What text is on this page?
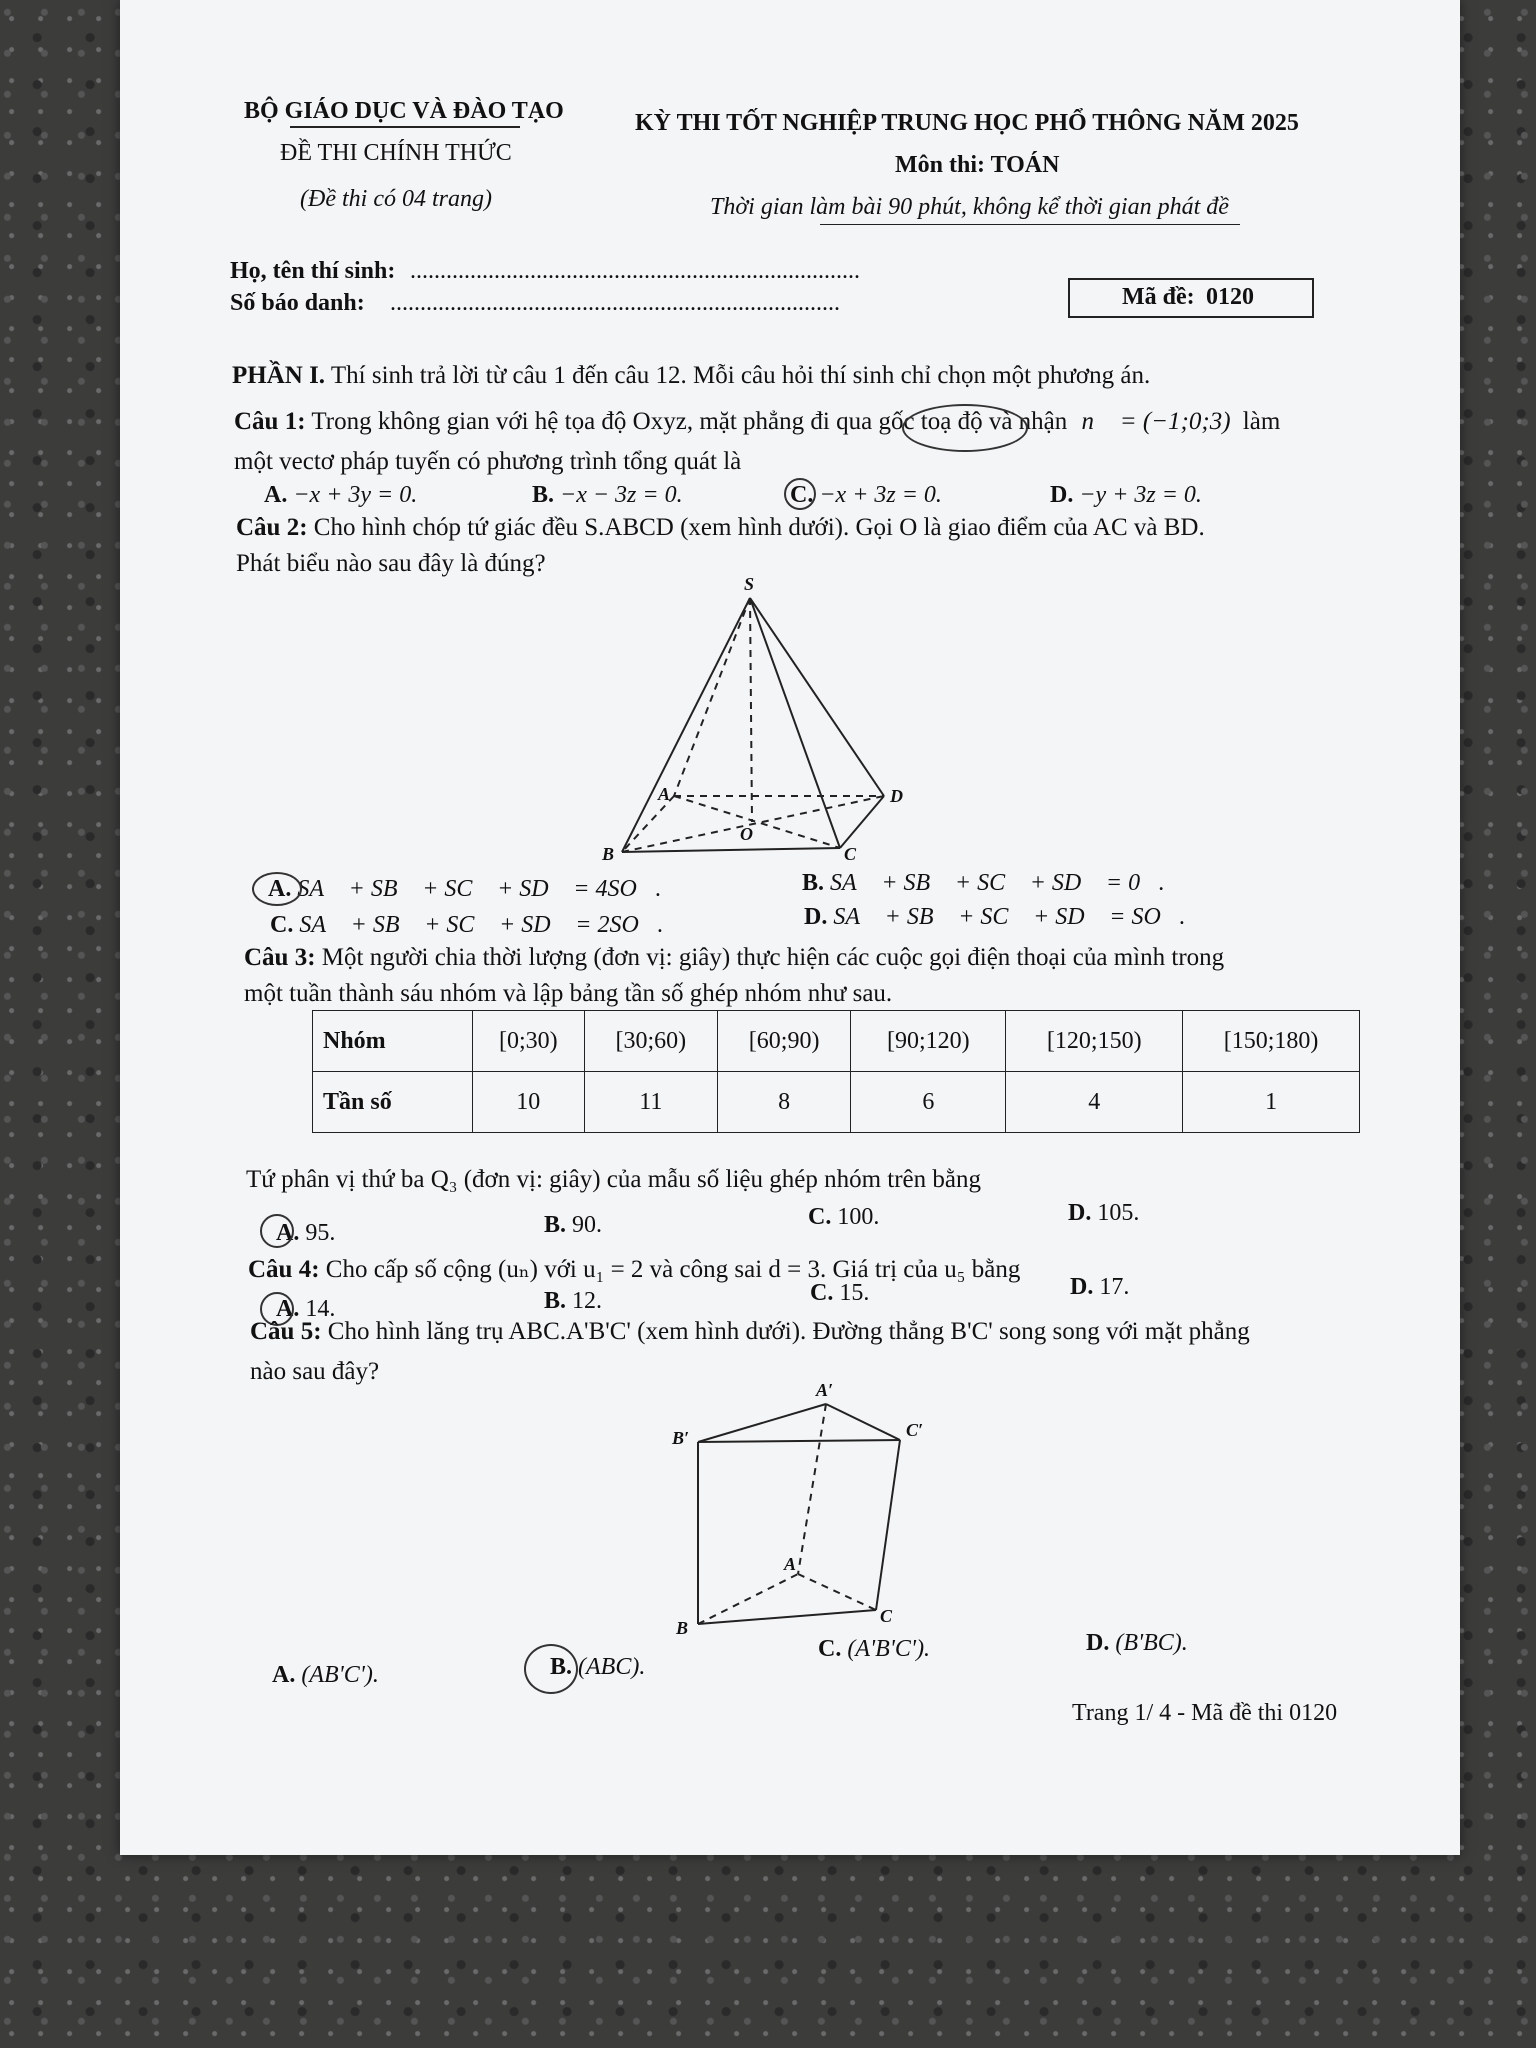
BỘ GIÁO DỤC VÀ ĐÀO TẠO
ĐỀ THI CHÍNH THỨC
(Đề thi có 04 trang)
KỲ THI TỐT NGHIỆP TRUNG HỌC PHỔ THÔNG NĂM 2025
Môn thi: TOÁN
Thời gian làm bài 90 phút, không kể thời gian phát đề
Họ, tên thí sinh: ...........................................................................
Số báo danh: ...........................................................................	Mã đề: 0120
PHẦN I. Thí sinh trả lời từ câu 1 đến câu 12. Mỗi câu hỏi thí sinh chỉ chọn một phương án.
Câu 1: Trong không gian với hệ tọa độ Oxyz, mặt phẳng đi qua gốc toạ độ và nhận n⃗ = (−1;0;3) làm
một vectơ pháp tuyến có phương trình tổng quát là
A. −x + 3y = 0.	B. −x − 3z = 0.	C. −x + 3z = 0.	D. −y + 3z = 0.
Câu 2: Cho hình chóp tứ giác đều S.ABCD (xem hình dưới). Gọi O là giao điểm của AC và BD.
Phát biểu nào sau đây là đúng?
S
A
B	C
D
O
A. SA⃗ + SB⃗ + SC⃗ + SD⃗ = 4SO⃗.	B. SA⃗ + SB⃗ + SC⃗ + SD⃗ = 0⃗.
C. SA⃗ + SB⃗ + SC⃗ + SD⃗ = 2SO⃗.	D. SA⃗ + SB⃗ + SC⃗ + SD⃗ = SO⃗.
Câu 3: Một người chia thời lượng (đơn vị: giây) thực hiện các cuộc gọi điện thoại của mình trong
một tuần thành sáu nhóm và lập bảng tần số ghép nhóm như sau.
Nhóm	[0;30)	[30;60)	[60;90)	[90;120)	[120;150)	[150;180)
Tần số	10	11	8	6	4	1
Tứ phân vị thứ ba Q₃ (đơn vị: giây) của mẫu số liệu ghép nhóm trên bằng
A. 95.	B. 90.	C. 100.	D. 105.
Câu 4: Cho cấp số cộng (uₙ) với u₁ = 2 và công sai d = 3. Giá trị của u₅ bằng
A. 14.	B. 12.	C. 15.	D. 17.
Câu 5: Cho hình lăng trụ ABC.A'B'C' (xem hình dưới). Đường thẳng B'C' song song với mặt phẳng
nào sau đây?
A′
B′	C′
A
B
C
A. (AB'C').	B. (ABC).
C. (A'B'C').	D. (B'BC).
Trang 1/ 4 - Mã đề thi 0120
